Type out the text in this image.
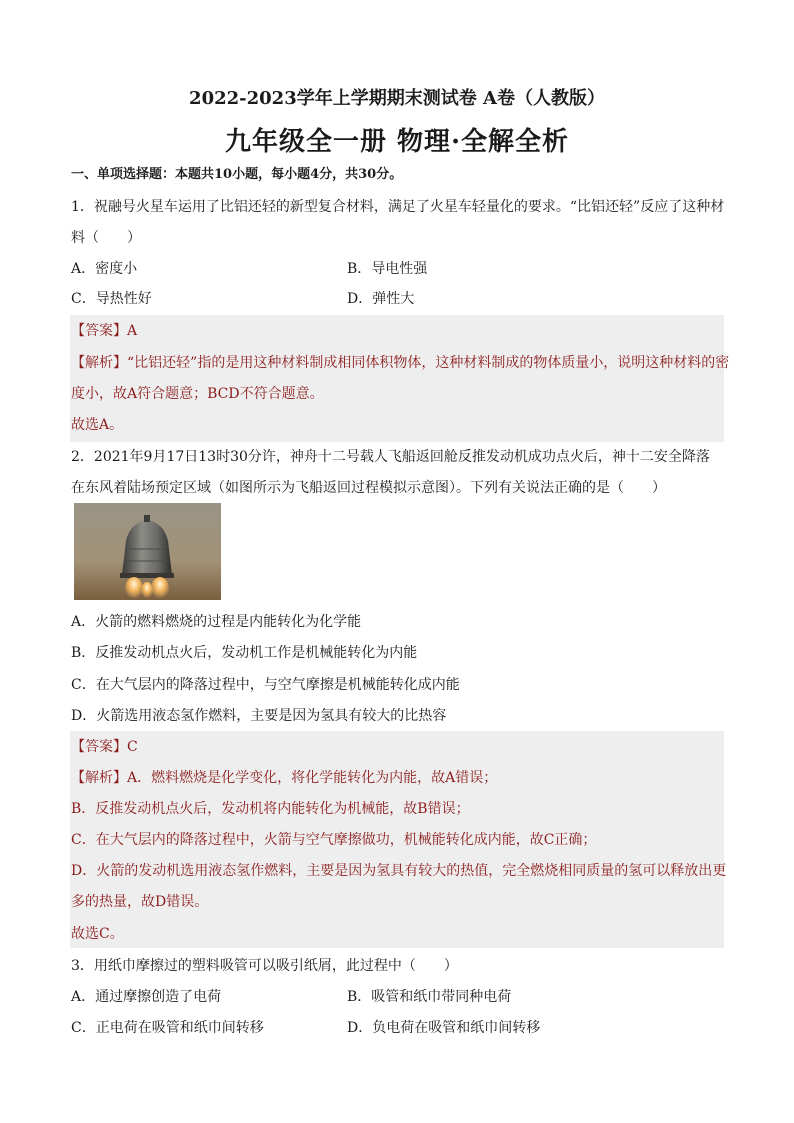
2022-2023学年上学期期末测试卷 A卷（人教版）
九年级全一册 物理·全解全析
一、单项选择题：本题共10小题，每小题4分，共30分。
1．祝融号火星车运用了比铝还轻的新型复合材料，满足了火星车轻量化的要求。“比铝还轻”反应了这种材
料（　　）
A．密度小	B．导电性强
C．导热性好	D．弹性大
【答案】A
【解析】“比铝还轻”指的是用这种材料制成相同体积物体，这种材料制成的物体质量小，说明这种材料的密
度小，故A符合题意；BCD不符合题意。
故选A。
2．2021年9月17日13时30分许，神舟十二号载人飞船返回舱反推发动机成功点火后，神十二安全降落
在东风着陆场预定区域（如图所示为飞船返回过程模拟示意图）。下列有关说法正确的是（　　）
A．火箭的燃料燃烧的过程是内能转化为化学能
B．反推发动机点火后，发动机工作是机械能转化为内能
C．在大气层内的降落过程中，与空气摩擦是机械能转化成内能
D．火箭选用液态氢作燃料，主要是因为氢具有较大的比热容
【答案】C
【解析】A．燃料燃烧是化学变化，将化学能转化为内能，故A错误；
B．反推发动机点火后，发动机将内能转化为机械能，故B错误；
C．在大气层内的降落过程中，火箭与空气摩擦做功，机械能转化成内能，故C正确；
D．火箭的发动机选用液态氢作燃料，主要是因为氢具有较大的热值，完全燃烧相同质量的氢可以释放出更
多的热量，故D错误。
故选C。
3．用纸巾摩擦过的塑料吸管可以吸引纸屑，此过程中（　　）
A．通过摩擦创造了电荷	B．吸管和纸巾带同种电荷
C．正电荷在吸管和纸巾间转移	D．负电荷在吸管和纸巾间转移
